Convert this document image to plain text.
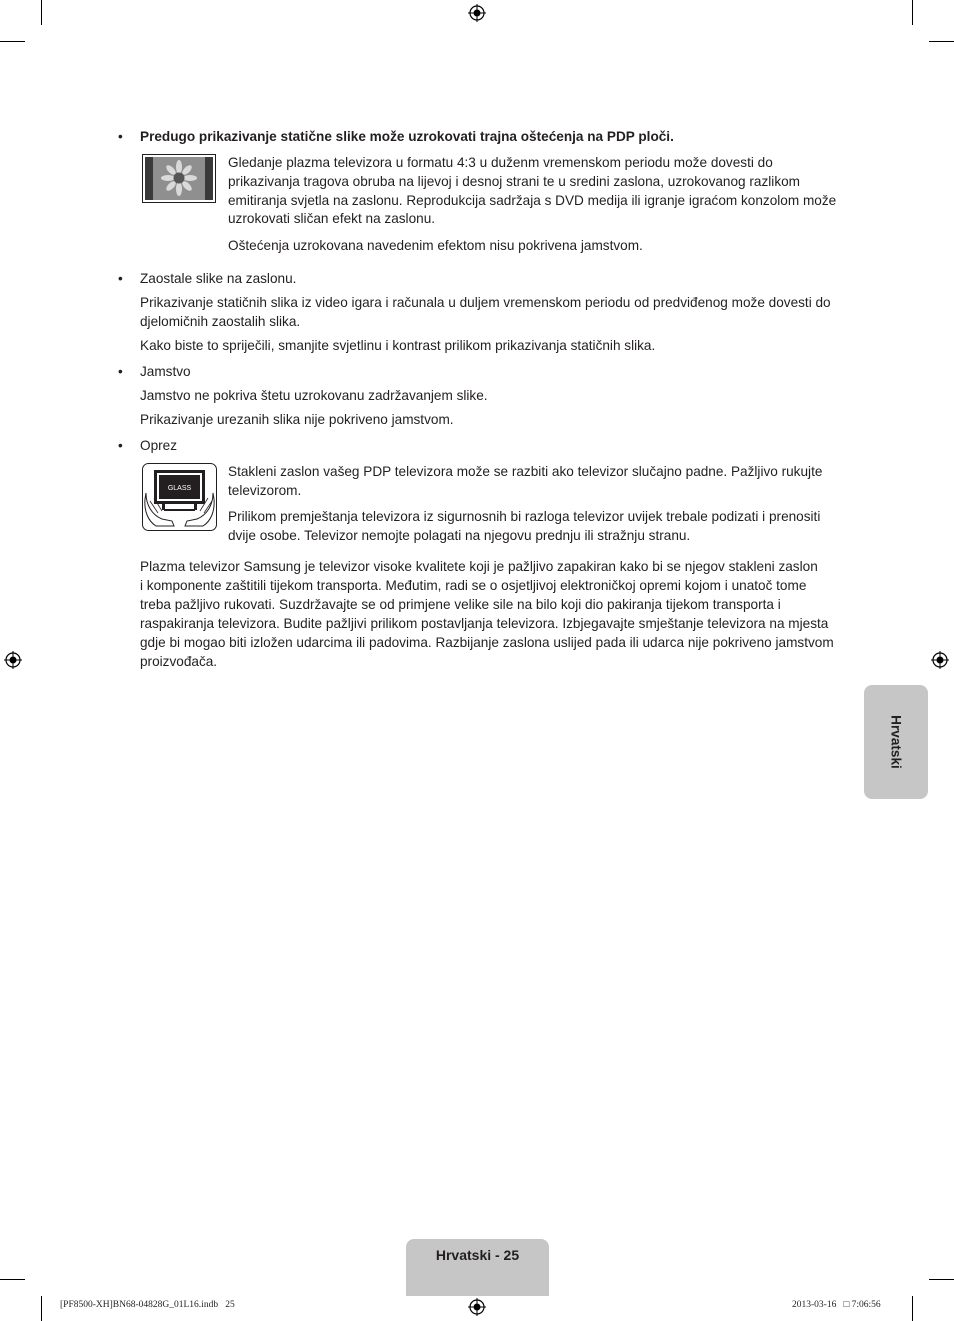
• Predugo prikazivanje statične slike može uzrokovati trajna oštećenja na PDP ploči.

Gledanje plazma televizora u formatu 4:3 u duženm vremenskom periodu može dovesti do

prikazivanja tragova obruba na lijevoj i desnoj strani te u sredini zaslona, uzrokovanog razlikom

emitiranja svjetla na zaslonu. Reprodukcija sadržaja s DVD medija ili igranje igraćom konzolom može

uzrokovati sličan efekt na zaslonu.

Oštećenja uzrokovana navedenim efektom nisu pokrivena jamstvom.

• Zaostale slike na zaslonu.

Prikazivanje statičnih slika iz video igara i računala u duljem vremenskom periodu od predviđenog može dovesti do

djelomičnih zaostalih slika.

Kako biste to spriječili, smanjite svjetlinu i kontrast prilikom prikazivanja statičnih slika.

• Jamstvo

Jamstvo ne pokriva štetu uzrokovanu zadržavanjem slike.

Prikazivanje urezanih slika nije pokriveno jamstvom.

• Oprez

GLASS

Stakleni zaslon vašeg PDP televizora može se razbiti ako televizor slučajno padne. Pažljivo rukujte

televizorom.

Prilikom premještanja televizora iz sigurnosnih bi razloga televizor uvijek trebale podizati i prenositi

dvije osobe. Televizor nemojte polagati na njegovu prednju ili stražnju stranu.

Plazma televizor Samsung je televizor visoke kvalitete koji je pažljivo zapakiran kako bi se njegov stakleni zaslon

i komponente zaštitili tijekom transporta. Međutim, radi se o osjetljivoj elektroničkoj opremi kojom i unatoč tome

treba pažljivo rukovati. Suzdržavajte se od primjene velike sile na bilo koji dio pakiranja tijekom transporta i

raspakiranja televizora. Budite pažljivi prilikom postavljanja televizora. Izbjegavajte smještanje televizora na mjesta

gdje bi mogao biti izložen udarcima ili padovima. Razbijanje zaslona uslijed pada ili udarca nije pokriveno jamstvom

proizvođača.

Hrvatski
Hrvatski - 25
[PF8500-XH]BN68-04828G_01L16.indb   25	2013-03-16   □ 7:06:56
